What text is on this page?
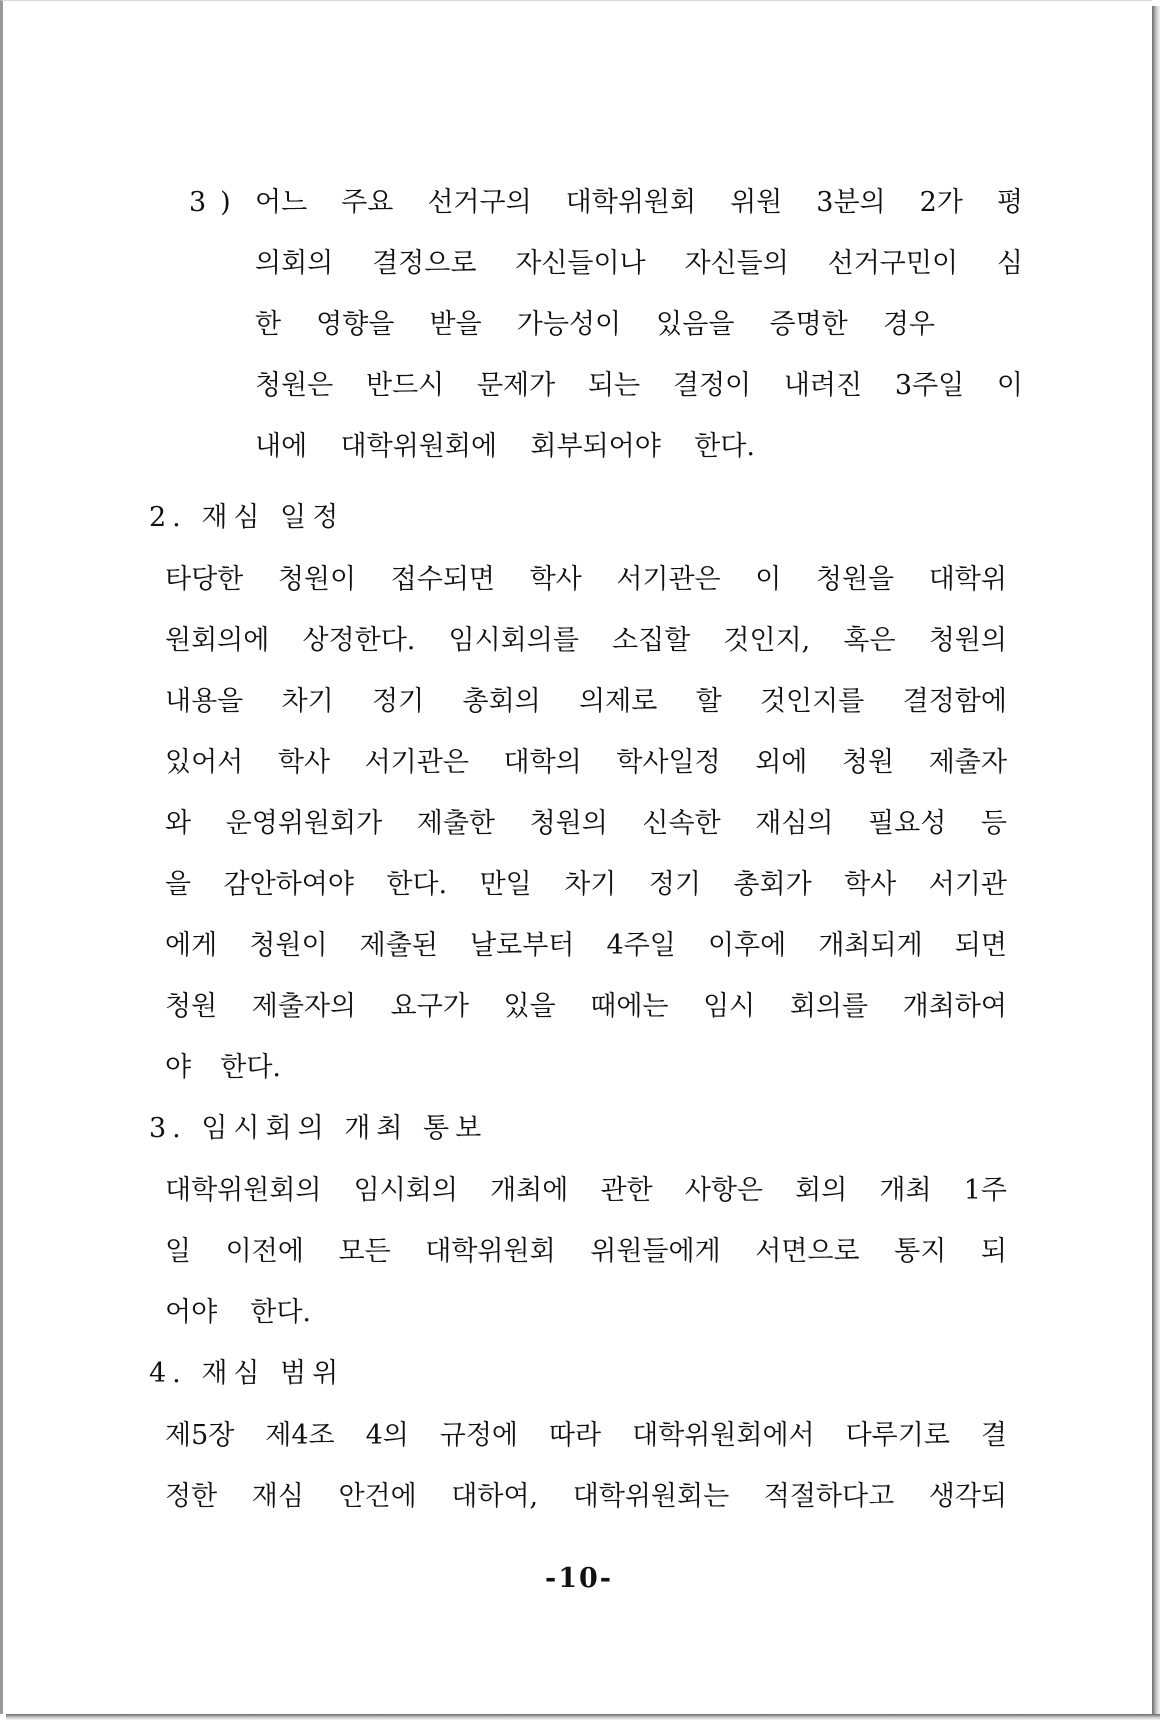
3) 어느 주요 선거구의 대학위원회 위원 3분의 2가 평
의회의 결정으로 자신들이나 자신들의 선거구민이 심
한 영향을 받을 가능성이 있음을 증명한 경우
청원은 반드시 문제가 되는 결정이 내려진 3주일 이
내에 대학위원회에 회부되어야 한다.
2. 재심 일정
타당한 청원이 접수되면 학사 서기관은 이 청원을 대학위
원회의에 상정한다. 임시회의를 소집할 것인지, 혹은 청원의
내용을 차기 정기 총회의 의제로 할 것인지를 결정함에
있어서 학사 서기관은 대학의 학사일정 외에 청원 제출자
와 운영위원회가 제출한 청원의 신속한 재심의 필요성 등
을 감안하여야 한다. 만일 차기 정기 총회가 학사 서기관
에게 청원이 제출된 날로부터 4주일 이후에 개최되게 되면
청원 제출자의 요구가 있을 때에는 임시 회의를 개최하여
야 한다.
3. 임시회의 개최 통보
대학위원회의 임시회의 개최에 관한 사항은 회의 개최 1주
일 이전에 모든 대학위원회 위원들에게 서면으로 통지 되
어야 한다.
4. 재심 범위
제5장 제4조 4의 규정에 따라 대학위원회에서 다루기로 결
정한 재심 안건에 대하여, 대학위원회는 적절하다고 생각되
-10-
